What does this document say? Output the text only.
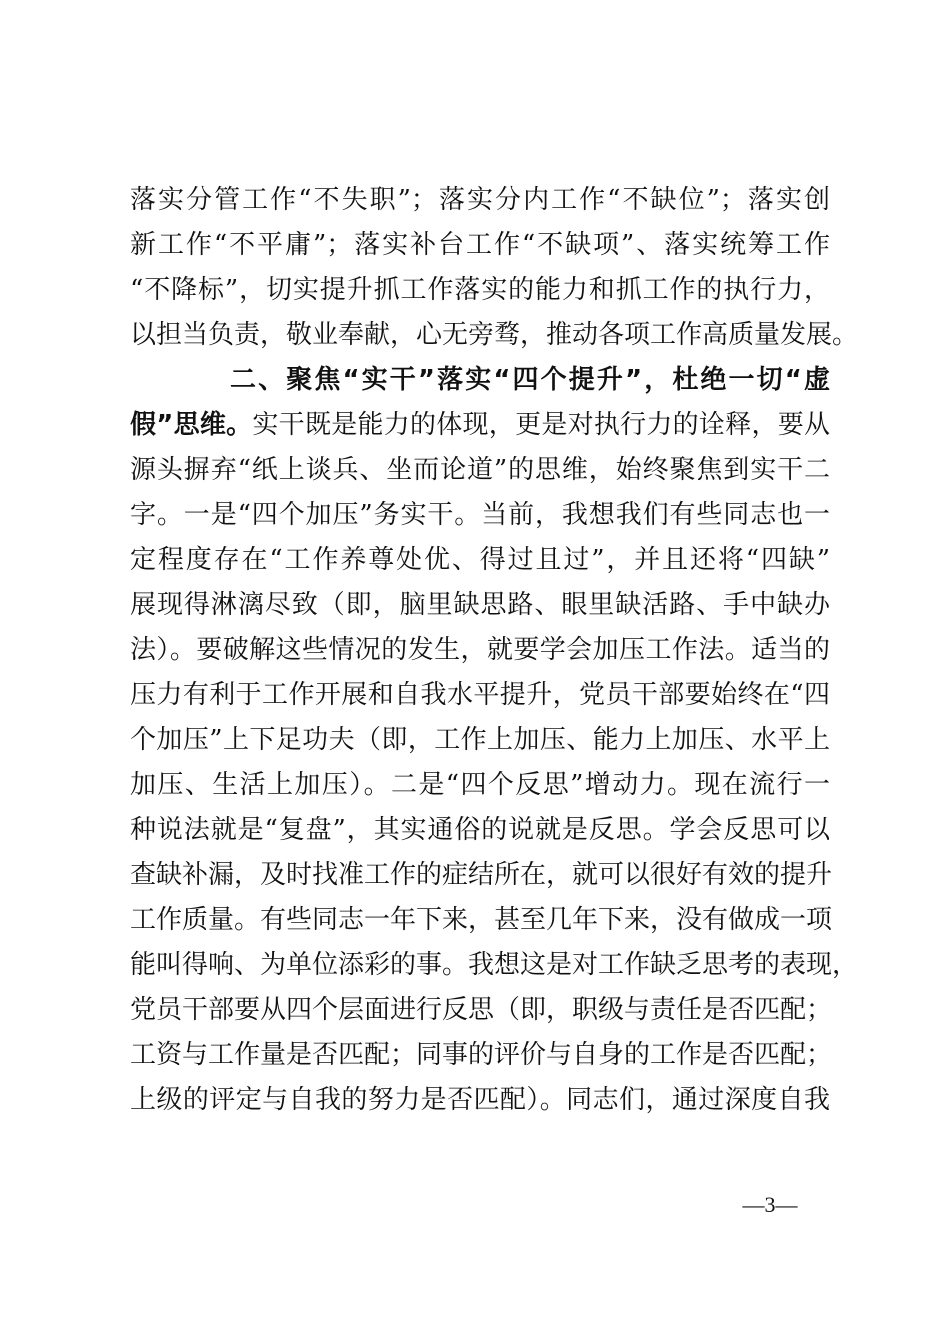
落实分管工作“不失职”；落实分内工作“不缺位”；落实创
新工作“不平庸”；落实补台工作“不缺项”、落实统筹工作
“不降标”，切实提升抓工作落实的能力和抓工作的执行力，
以担当负责，敬业奉献，心无旁骛，推动各项工作高质量发展。
二、聚焦“实干”落实“四个提升”，杜绝一切“虚
假”思维。实干既是能力的体现，更是对执行力的诠释，要从
源头摒弃“纸上谈兵、坐而论道”的思维，始终聚焦到实干二
字。一是“四个加压”务实干。当前，我想我们有些同志也一
定程度存在“工作养尊处优、得过且过”，并且还将“四缺”
展现得淋漓尽致（即，脑里缺思路、眼里缺活路、手中缺办
法）。要破解这些情况的发生，就要学会加压工作法。适当的
压力有利于工作开展和自我水平提升，党员干部要始终在“四
个加压”上下足功夫（即，工作上加压、能力上加压、水平上
加压、生活上加压）。二是“四个反思”增动力。现在流行一
种说法就是“复盘”，其实通俗的说就是反思。学会反思可以
查缺补漏，及时找准工作的症结所在，就可以很好有效的提升
工作质量。有些同志一年下来，甚至几年下来，没有做成一项
能叫得响、为单位添彩的事。我想这是对工作缺乏思考的表现，
党员干部要从四个层面进行反思（即，职级与责任是否匹配；
工资与工作量是否匹配；同事的评价与自身的工作是否匹配；
上级的评定与自我的努力是否匹配）。同志们，通过深度自我
—3—
